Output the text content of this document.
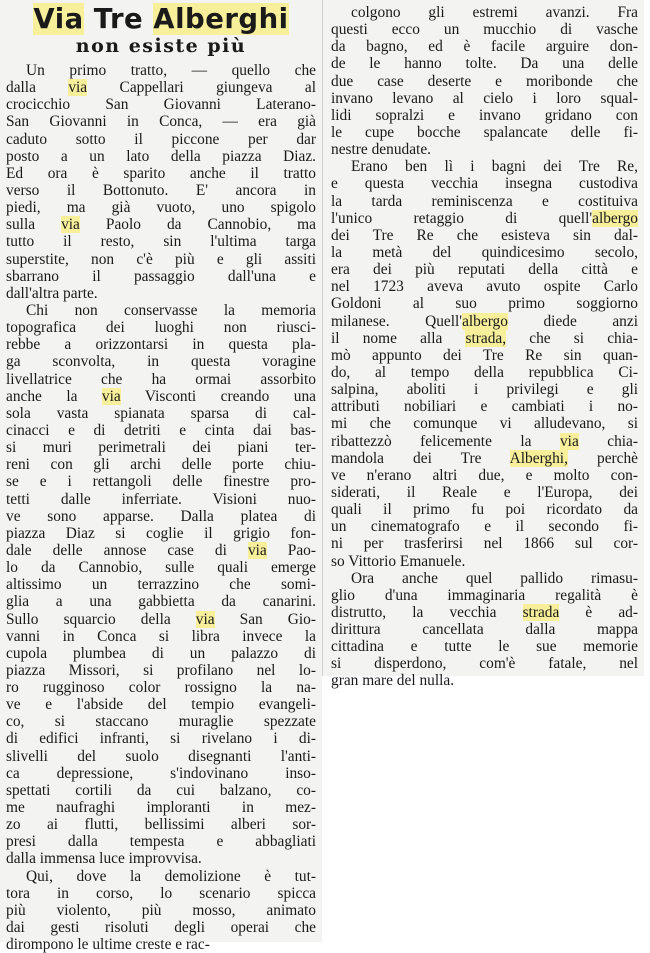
Via Tre Alberghi
non esiste più
Un primo tratto, — quello che
dalla via Cappellari giungeva al
crocicchio San Giovanni Laterano-
San Giovanni in Conca, — era già
caduto sotto il piccone per dar
posto a un lato della piazza Diaz.
Ed ora è sparito anche il tratto
verso il Bottonuto. E' ancora in
piedi, ma già vuoto, uno spigolo
sulla via Paolo da Cannobio, ma
tutto il resto, sin l'ultima targa
superstite, non c'è più e gli assiti
sbarrano il passaggio dall'una e
dall'altra parte.
Chi non conservasse la memoria
topografica dei luoghi non riusci-
rebbe a orizzontarsi in questa pla-
ga sconvolta, in questa voragine
livellatrice che ha ormai assorbito
anche la via Visconti creando una
sola vasta spianata sparsa di cal-
cinacci e di detriti e cinta dai bas-
si muri perimetrali dei piani ter-
reni con gli archi delle porte chiu-
se e i rettangoli delle finestre pro-
tetti dalle inferriate. Visioni nuo-
ve sono apparse. Dalla platea di
piazza Diaz si coglie il grigio fon-
dale delle annose case di via Pao-
lo da Cannobio, sulle quali emerge
altissimo un terrazzino che somi-
glia a una gabbietta da canarini.
Sullo squarcio della via San Gio-
vanni in Conca si libra invece la
cupola plumbea di un palazzo di
piazza Missori, si profilano nel lo-
ro rugginoso color rossigno la na-
ve e l'abside del tempio evangeli-
co, si staccano muraglie spezzate
di edifici infranti, si rivelano i di-
slivelli del suolo disegnanti l'anti-
ca depressione, s'indovinano inso-
spettati cortili da cui balzano, co-
me naufraghi imploranti in mez-
zo ai flutti, bellissimi alberi sor-
presi dalla tempesta e abbagliati
dalla immensa luce improvvisa.
Qui, dove la demolizione è tut-
tora in corso, lo scenario spicca
più violento, più mosso, animato
dai gesti risoluti degli operai che
dirompono le ultime creste e rac-
colgono gli estremi avanzi. Fra
questi ecco un mucchio di vasche
da bagno, ed è facile arguire don-
de le hanno tolte. Da una delle
due case deserte e moribonde che
invano levano al cielo i loro squal-
lidi sopralzi e invano gridano con
le cupe bocche spalancate delle fi-
nestre denudate.
Erano ben lì i bagni dei Tre Re,
e questa vecchia insegna custodiva
la tarda reminiscenza e costituiva
l'unico retaggio di quell'albergo
dei Tre Re che esisteva sin dal-
la metà del quindicesimo secolo,
era dei più reputati della città e
nel 1723 aveva avuto ospite Carlo
Goldoni al suo primo soggiorno
milanese. Quell'albergo diede anzi
il nome alla strada, che si chia-
mò appunto dei Tre Re sin quan-
do, al tempo della repubblica Ci-
salpina, aboliti i privilegi e gli
attributi nobiliari e cambiati i no-
mi che comunque vi alludevano, si
ribattezzò felicemente la via chia-
mandola dei Tre Alberghi, perchè
ve n'erano altri due, e molto con-
siderati, il Reale e l'Europa, dei
quali il primo fu poi ricordato da
un cinematografo e il secondo fi-
ni per trasferirsi nel 1866 sul cor-
so Vittorio Emanuele.
Ora anche quel pallido rimasu-
glio d'una immaginaria regalità è
distrutto, la vecchia strada è ad-
dirittura cancellata dalla mappa
cittadina e tutte le sue memorie
si disperdono, com'è fatale, nel
gran mare del nulla.
